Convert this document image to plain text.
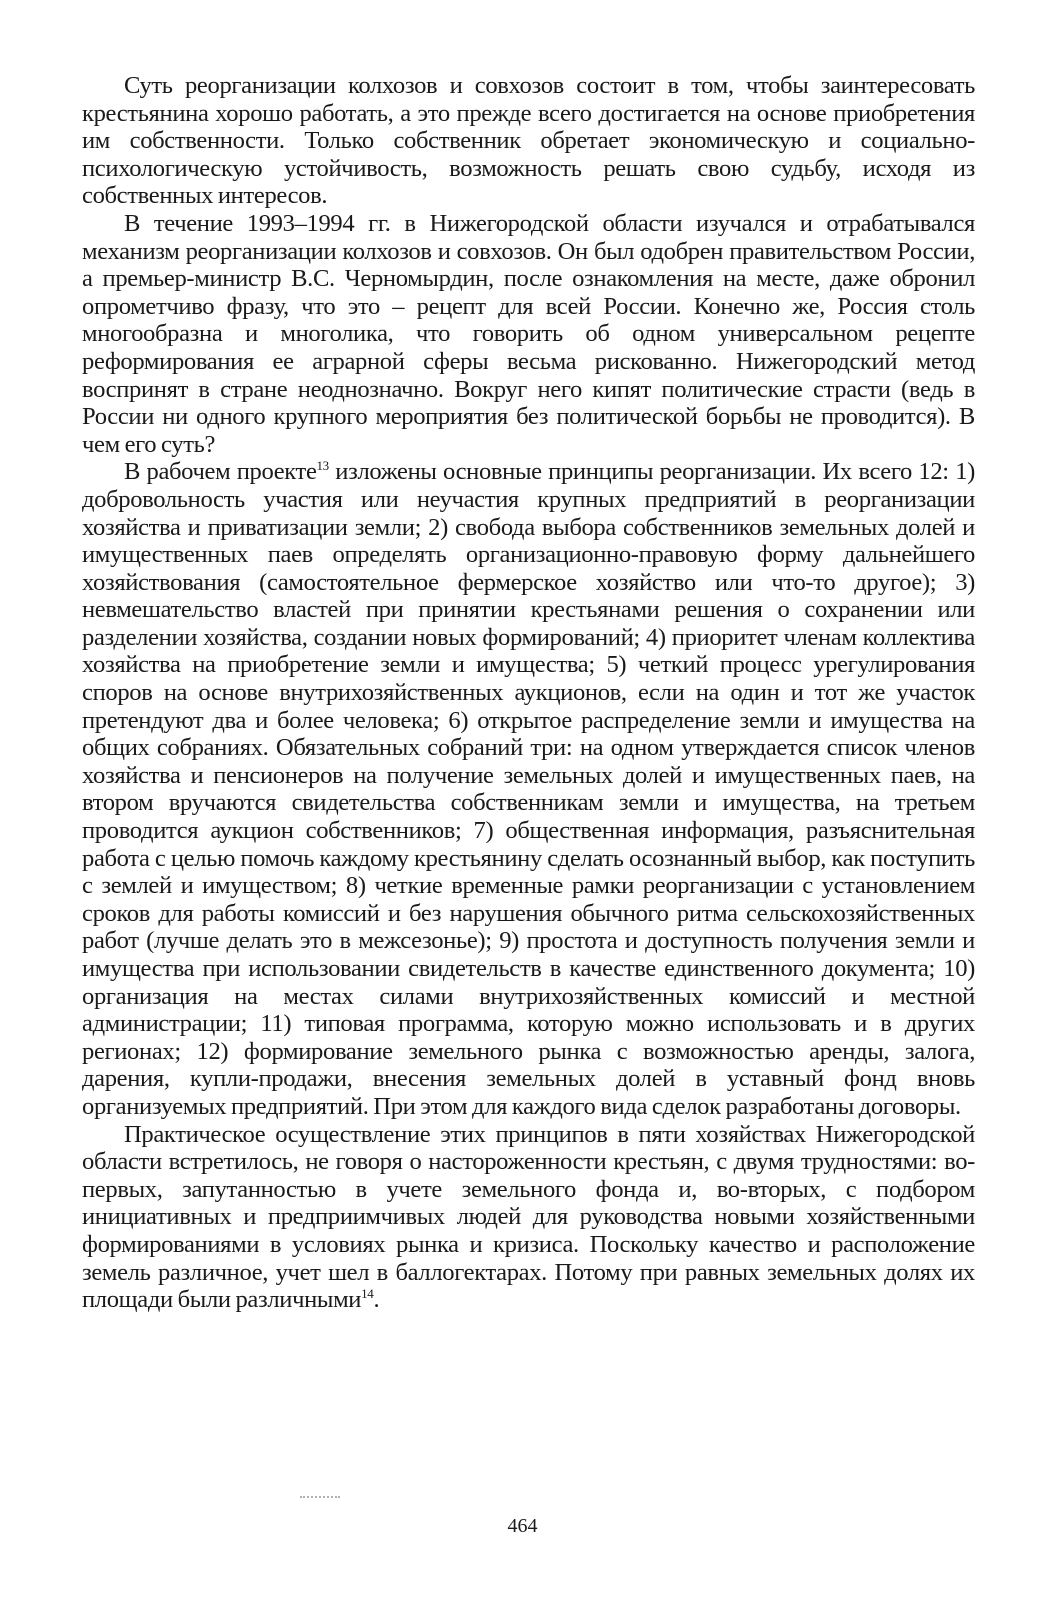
Суть реорганизации колхозов и совхозов состоит в том, чтобы заинтересовать крестьянина хорошо работать, а это прежде всего достигается на основе приобретения им собственности. Только собственник обретает экономическую и социально-психологическую устойчивость, возможность решать свою судьбу, исходя из собственных интересов.

В течение 1993–1994 гг. в Нижегородской области изучался и отрабатывался механизм реорганизации колхозов и совхозов. Он был одобрен правительством России, а премьер-министр В.С. Черномырдин, после ознакомления на месте, даже обронил опрометчиво фразу, что это – рецепт для всей России. Конечно же, Россия столь многообразна и многолика, что говорить об одном универсальном рецепте реформирования ее аграрной сферы весьма рискованно. Нижегородский метод воспринят в стране неоднозначно. Вокруг него кипят политические страсти (ведь в России ни одного крупного мероприятия без политической борьбы не проводится). В чем его суть?

В рабочем проекте$^{13}$ изложены основные принципы реорганизации. Их всего 12: 1) добровольность участия или неучастия крупных предприятий в реорганизации хозяйства и приватизации земли; 2) свобода выбора собственников земельных долей и имущественных паев определять организационно-правовую форму дальнейшего хозяйствования (самостоятельное фермерское хозяйство или что-то другое); 3) невмешательство властей при принятии крестьянами решения о сохранении или разделении хозяйства, создании новых формирований; 4) приоритет членам коллектива хозяйства на приобретение земли и имущества; 5) четкий процесс урегулирования споров на основе внутрихозяйственных аукционов, если на один и тот же участок претендуют два и более человека; 6) открытое распределение земли и имущества на общих собраниях. Обязательных собраний три: на одном утверждается список членов хозяйства и пенсионеров на получение земельных долей и имущественных паев, на втором вручаются свидетельства собственникам земли и имущества, на третьем проводится аукцион собственников; 7) общественная информация, разъяснительная работа с целью помочь каждому крестьянину сделать осознанный выбор, как поступить с землей и имуществом; 8) четкие временные рамки реорганизации с установлением сроков для работы комиссий и без нарушения обычного ритма сельскохозяйственных работ (лучше делать это в межсезонье); 9) простота и доступность получения земли и имущества при использовании свидетельств в качестве единственного документа; 10) организация на местах силами внутрихозяйственных комиссий и местной администрации; 11) типовая программа, которую можно использовать и в других регионах; 12) формирование земельного рынка с возможностью аренды, залога, дарения, купли-продажи, внесения земельных долей в уставный фонд вновь организуемых предприятий. При этом для каждого вида сделок разработаны договоры.

Практическое осуществление этих принципов в пяти хозяйствах Нижегородской области встретилось, не говоря о настороженности крестьян, с двумя трудностями: во-первых, запутанностью в учете земельного фонда и, во-вторых, с подбором инициативных и предприимчивых людей для руководства новыми хозяйственными формированиями в условиях рынка и кризиса. Поскольку качество и расположение земель различное, учет шел в баллогектарах. Потому при равных земельных долях их площади были различными$^{14}$.

464
